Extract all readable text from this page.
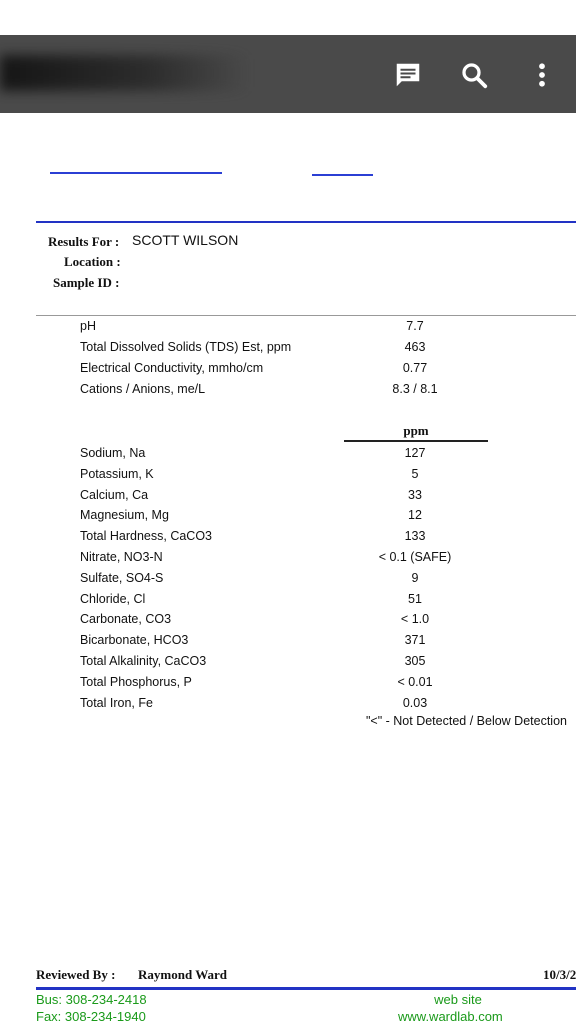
Results For : SCOTT WILSON
Location :
Sample ID :
pH	7.7
Total Dissolved Solids (TDS) Est, ppm	463
Electrical Conductivity, mmho/cm	0.77
Cations / Anions, me/L	8.3 / 8.1
ppm
Sodium, Na	127
Potassium, K	5
Calcium, Ca	33
Magnesium, Mg	12
Total Hardness, CaCO3	133
Nitrate, NO3-N	< 0.1 (SAFE)
Sulfate, SO4-S	9
Chloride, Cl	51
Carbonate, CO3	< 1.0
Bicarbonate, HCO3	371
Total Alkalinity, CaCO3	305
Total Phosphorus, P	< 0.01
Total Iron, Fe	0.03
"<" - Not Detected / Below Detection
Reviewed By : Raymond Ward	10/3/2
Bus: 308-234-2418
Fax: 308-234-1940
web site
www.wardlab.com
